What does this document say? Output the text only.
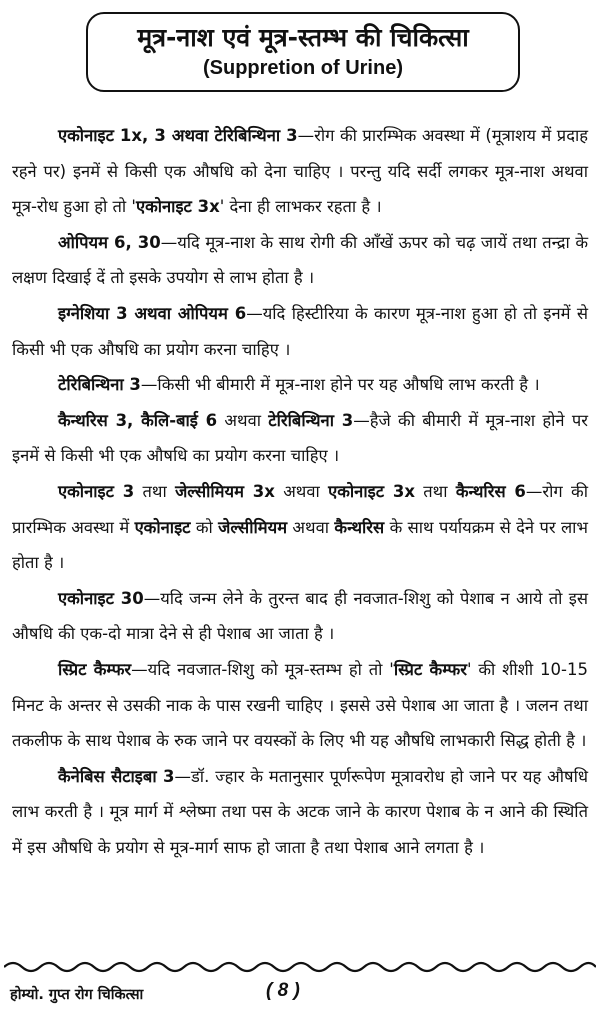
मूत्र-नाश एवं मूत्र-स्तम्भ की चिकित्सा
(Suppretion of Urine)

एकोनाइट 1x, 3 अथवा टेरिबिन्थिना 3—रोग की प्रारम्भिक अवस्था में (मूत्राशय में प्रदाह रहने पर) इनमें से किसी एक औषधि को देना चाहिए । परन्तु यदि सर्दी लगकर मूत्र-नाश अथवा मूत्र-रोध हुआ हो तो 'एकोनाइट 3x' देना ही लाभकर रहता है ।

ओपियम 6, 30—यदि मूत्र-नाश के साथ रोगी की आँखें ऊपर को चढ़ जायें तथा तन्द्रा के लक्षण दिखाई दें तो इसके उपयोग से लाभ होता है ।

इग्नेशिया 3 अथवा ओपियम 6—यदि हिस्टीरिया के कारण मूत्र-नाश हुआ हो तो इनमें से किसी भी एक औषधि का प्रयोग करना चाहिए ।

टेरिबिन्थिना 3—किसी भी बीमारी में मूत्र-नाश होने पर यह औषधि लाभ करती है ।

कैन्थरिस 3, कैलि-बाई 6 अथवा टेरिबिन्थिना 3—हैजे की बीमारी में मूत्र-नाश होने पर इनमें से किसी भी एक औषधि का प्रयोग करना चाहिए ।

एकोनाइट 3 तथा जेल्सीमियम 3x अथवा एकोनाइट 3x तथा कैन्थरिस 6—रोग की प्रारम्भिक अवस्था में एकोनाइट को जेल्सीमियम अथवा कैन्थरिस के साथ पर्यायक्रम से देने पर लाभ होता है ।

एकोनाइट 30—यदि जन्म लेने के तुरन्त बाद ही नवजात-शिशु को पेशाब न आये तो इस औषधि की एक-दो मात्रा देने से ही पेशाब आ जाता है ।

स्प्रिट कैम्फर—यदि नवजात-शिशु को मूत्र-स्तम्भ हो तो 'स्प्रिट कैम्फर' की शीशी 10-15 मिनट के अन्तर से उसकी नाक के पास रखनी चाहिए । इससे उसे पेशाब आ जाता है । जलन तथा तकलीफ के साथ पेशाब के रुक जाने पर वयस्कों के लिए भी यह औषधि लाभकारी सिद्ध होती है ।

कैनेबिस सैटाइबा 3—डॉ. ज्हार के मतानुसार पूर्णरूपेण मूत्रावरोध हो जाने पर यह औषधि लाभ करती है । मूत्र मार्ग में श्लेष्मा तथा पस के अटक जाने के कारण पेशाब के न आने की स्थिति में इस औषधि के प्रयोग से मूत्र-मार्ग साफ हो जाता है तथा पेशाब आने लगता है ।

होम्यो. गुप्त रोग चिकित्सा	( 8 )
